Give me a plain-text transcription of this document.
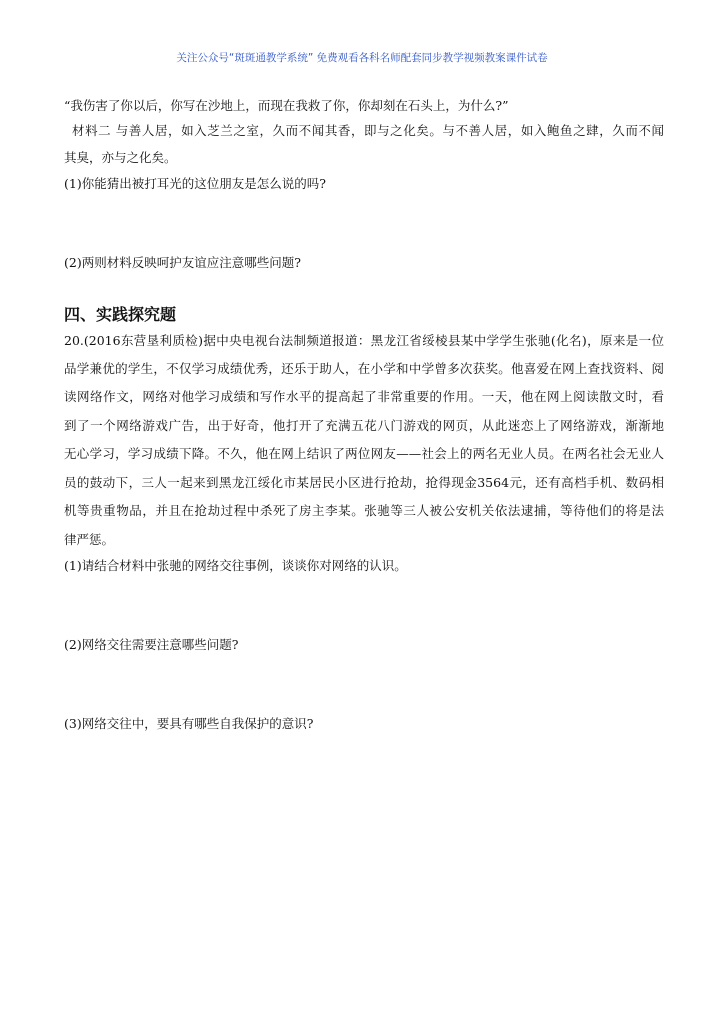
关注公众号“斑斑通教学系统” 免费观看各科名师配套同步教学视频教案课件试卷
“我伤害了你以后，你写在沙地上，而现在我救了你，你却刻在石头上，为什么?”
材料二 与善人居，如入芝兰之室，久而不闻其香，即与之化矣。与不善人居，如入鲍鱼之肆，久而不闻
其臭，亦与之化矣。
(1)你能猜出被打耳光的这位朋友是怎么说的吗?
(2)两则材料反映呵护友谊应注意哪些问题?
四、实践探究题
20.(2016东营垦利质检)据中央电视台法制频道报道：黑龙江省绥棱县某中学学生张驰(化名)，原来是一位
品学兼优的学生，不仅学习成绩优秀，还乐于助人，在小学和中学曾多次获奖。他喜爱在网上查找资料、阅
读网络作文，网络对他学习成绩和写作水平的提高起了非常重要的作用。一天，他在网上阅读散文时，看
到了一个网络游戏广告，出于好奇，他打开了充满五花八门游戏的网页，从此迷恋上了网络游戏，渐渐地
无心学习，学习成绩下降。不久，他在网上结识了两位网友——社会上的两名无业人员。在两名社会无业人
员的鼓动下，三人一起来到黑龙江绥化市某居民小区进行抢劫，抢得现金3564元，还有高档手机、数码相
机等贵重物品，并且在抢劫过程中杀死了房主李某。张驰等三人被公安机关依法逮捕，等待他们的将是法
律严惩。
(1)请结合材料中张驰的网络交往事例，谈谈你对网络的认识。
(2)网络交往需要注意哪些问题?
(3)网络交往中，要具有哪些自我保护的意识?
